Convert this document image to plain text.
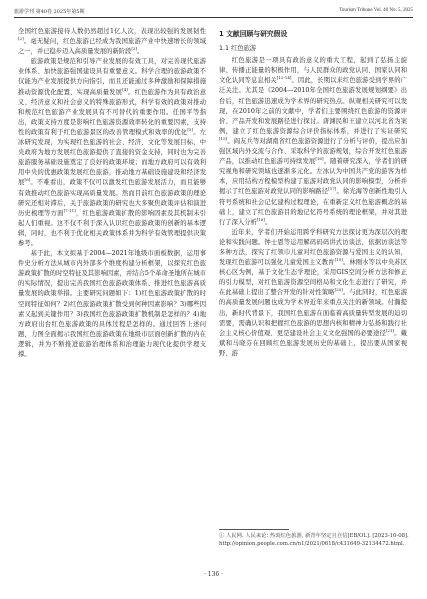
旅游学刊 第40卷 2025年第5期	Tourism Tribune Vol. 40 No. 5, 2025

全国红色旅游接待人数仍然超过1亿人次，表现出较强的发展韧性[2]。毫无疑问，红色旅游已经成为我国旅游产业中快速增长的领域之一，并已稳步迈入高质量发展的新阶段[3]。

旅游政策是规范和引导产业发展的有效工具，对完善现代旅游业体系、加快旅游强国建设具有重要意义。科学合理的旅游政策不仅能为产业发展提供方向指引，而且还能通过多种激励和保障措施推动资源优化配置、实现高质量发展[4]。红色旅游作为具有政治意义、经济意义和社会意义的特殊旅游形式，科学有效的政策对推动和规范红色旅游产业发展具有不可替代的重要作用。任国平等指出，政策支持方度是影响红色旅游资源效率转化的重要因素，支持性的政策有利于红色旅游景区的改善管理模式和效率的优化[5]。左冰研究发现，为实现红色旅游的社会、经济、文化等发展目标，中央政府为地方发展红色旅游提供了直接的资金支持，同时也为完善旅游服务基础设施奠定了良好的政策环境；而地方政府可以有效利用中央的优惠政策发展红色旅游，推动地方基础设施建设和经济发展[6]。不难看出，政策不仅可以激发红色旅游发展活力，而且能够有效推动红色旅游实现高质量发展。然而目前红色旅游政策的理论研究还相对滞后，关于旅游政策的研究也大多聚焦政策评估和演进历史梳理等方面[7-11]，红色旅游政策扩散的影响因素及其机制未引起人们重视。这不仅不利于深入认识红色旅游政策的创新的基本逻辑，同时，也不利于优化相关政策体系并为科学有效管理提供决策参考。

基于此，本文拟基于2004—2021年地级市面板数据，运用事件史分析方法从城市内外部多个维度构建分析框架，以探究红色旅游政策扩散的时空特征及其影响因素，并结合5个革命圣地所在城市的实际情况，提出完善我国红色旅游政策体系、推进红色旅游高质量发展的政策举措。主要研究问题如下：1)红色旅游政策扩散的时空间特征如何？2)红色旅游政策扩散受到何种因素影响？3)哪些因素又起到关键作用？3)我国红色旅游政策扩散机制是怎样的？4)地方政府出台红色旅游政策的具体过程是怎样的。通过回答上述问题，力图全面揭示我国红色旅游政策在地级市层面创新扩散的内在逻辑，并为不断推进旅游治理体系和治理能力现代化提供学理支撑。

1 文献回顾与研究假设
1.1 红色旅游

红色旅游是一项具有政治意义的重大工程，起到了弘扬主旋律、传播正能量的积极作用，与人民群众的政党认同、国家认同和文化认同等息息相关[12-14]。因此，长期以来红色旅游受到学界的广泛关注。尤其是《2004—2010年全国红色旅游发展规划纲要》出台后，红色旅游迅速成为学术界的研究热点。纵观相关研究可以发现，在2010年之前的文献中，学者们主要围绕红色旅游的资源评价、产品开发和发展路径进行探讨。唐渊民和王建立以河北省为案例，建立了红色旅游资源综合评价指标体系，并进行了实证研究[15]。阎友兵等对湖南省红色旅游资源进行了分析与评价，提出应加强区域内外交流与合作、采取科学的旅游规划，综合开发红色旅游产品，以推动红色旅游可持续发展[16]。随着研究深入，学者们的研究视角和研究领域也逐渐多元化。左冰认为中国共产党的游客为样本，应用结构方程模型构建了旅游对政党认同的影响模型，分析并揭示了红色旅游对政党认同的影响路径[17]。徐光海等创新性地引入符号系统和社会记忆建构过程理论，在重新定义红色旅游概念的基础上，建立了红色旅游目的地记忆符号系统的理论框架，并对其进行了深入分析[18]。

近年来，学者们开始运用跨学科研究方法探讨更为深层次的理论和实践问题。钟士恩等运用解码码码讲式访谈法，依据访谈法等多种方法，探究了红领巾儿童对红色旅游资源与爱国主义的认知，发现红色旅游可以强化儿童爱国主义教育[19]。林刚水等以中央苏区核心区为例，基于文化生态学理论，采用GIS空间分析方法和修正的引力模型，对红色旅游资源空间格局和文化生态进行了研究，并在此基础上提出了整合开发的针对性策略[20]。与此同时，红色旅游的高质量发展问题也成为学术界近年来重点关注的新领域。付瀚提出，新时代背景下，我国红色旅游在面临着高质量转型发展的迫切需要，需确认识和把握红色旅游的思想内核和精神力弘扬和践行社会主义核心价值观、更是建设社会主义文化强国的必要途径[21]。戴斌和马晓芬在回顾红色旅游发展历史的基础上，提出要从国家视野、游

① 人民网. 人民来论: 热衷红色旅游, 新青年坚定且自信[EB/OL]. [2023-10-08]. http://opinion.people.com.cn/n1/2021/0618/c431649-32134472.html.
· 136 ·
